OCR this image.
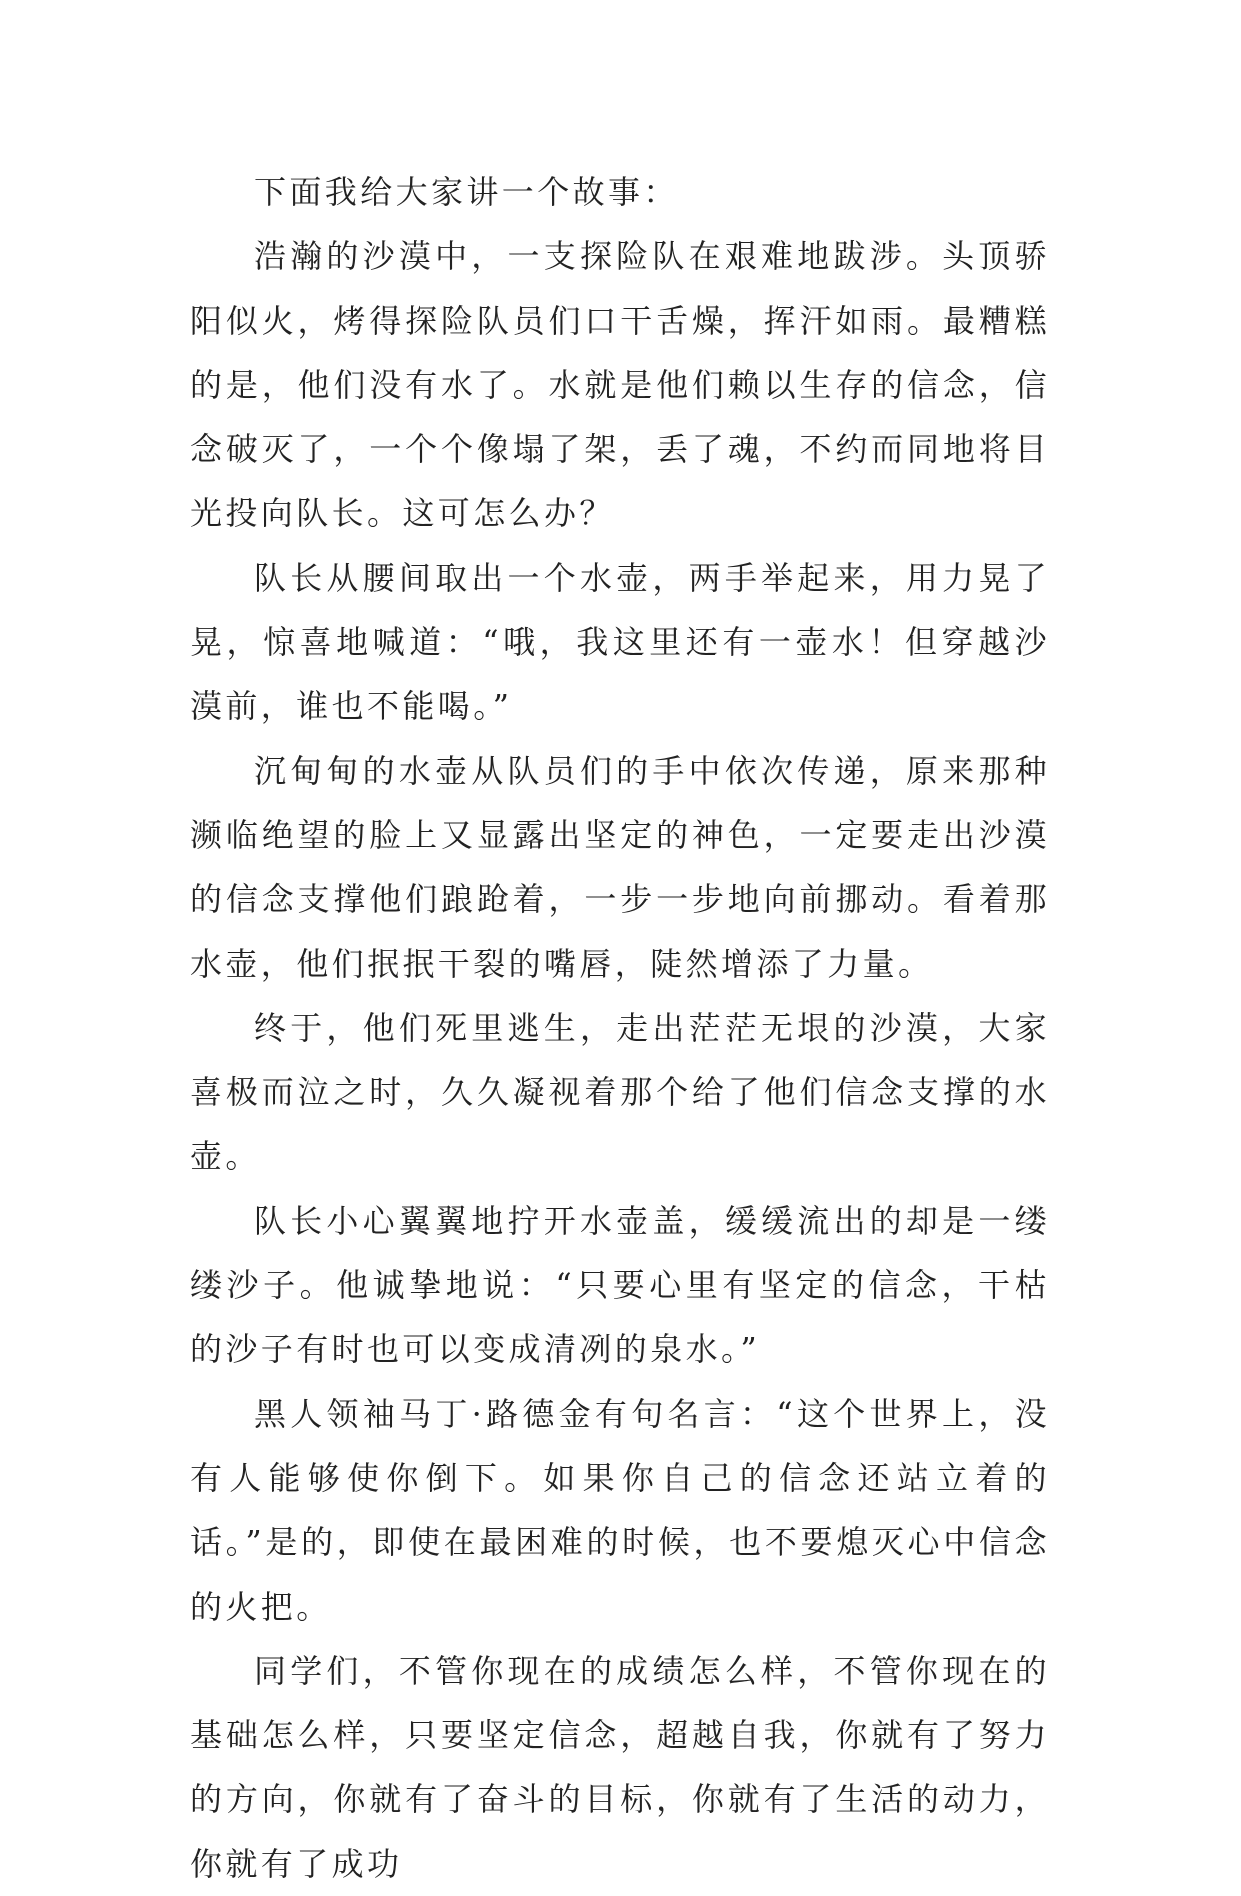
下面我给大家讲一个故事：

浩瀚的沙漠中，一支探险队在艰难地跋涉。头顶骄阳似火，烤得探险队员们口干舌燥，挥汗如雨。最糟糕的是，他们没有水了。水就是他们赖以生存的信念，信念破灭了，一个个像塌了架，丢了魂，不约而同地将目光投向队长。这可怎么办？

队长从腰间取出一个水壶，两手举起来，用力晃了晃，惊喜地喊道：“哦，我这里还有一壶水！但穿越沙漠前，谁也不能喝。”

沉甸甸的水壶从队员们的手中依次传递，原来那种濒临绝望的脸上又显露出坚定的神色，一定要走出沙漠的信念支撑他们踉跄着，一步一步地向前挪动。看着那水壶，他们抿抿干裂的嘴唇，陡然增添了力量。

终于，他们死里逃生，走出茫茫无垠的沙漠，大家喜极而泣之时，久久凝视着那个给了他们信念支撑的水壶。

队长小心翼翼地拧开水壶盖，缓缓流出的却是一缕缕沙子。他诚挚地说：“只要心里有坚定的信念，干枯的沙子有时也可以变成清冽的泉水。”

黑人领袖马丁·路德金有句名言：“这个世界上，没有人能够使你倒下。如果你自己的信念还站立着的话。”是的，即使在最困难的时候，也不要熄灭心中信念的火把。

同学们，不管你现在的成绩怎么样，不管你现在的基础怎么样，只要坚定信念，超越自我，你就有了努力的方向，你就有了奋斗的目标，你就有了生活的动力，你就有了成功
